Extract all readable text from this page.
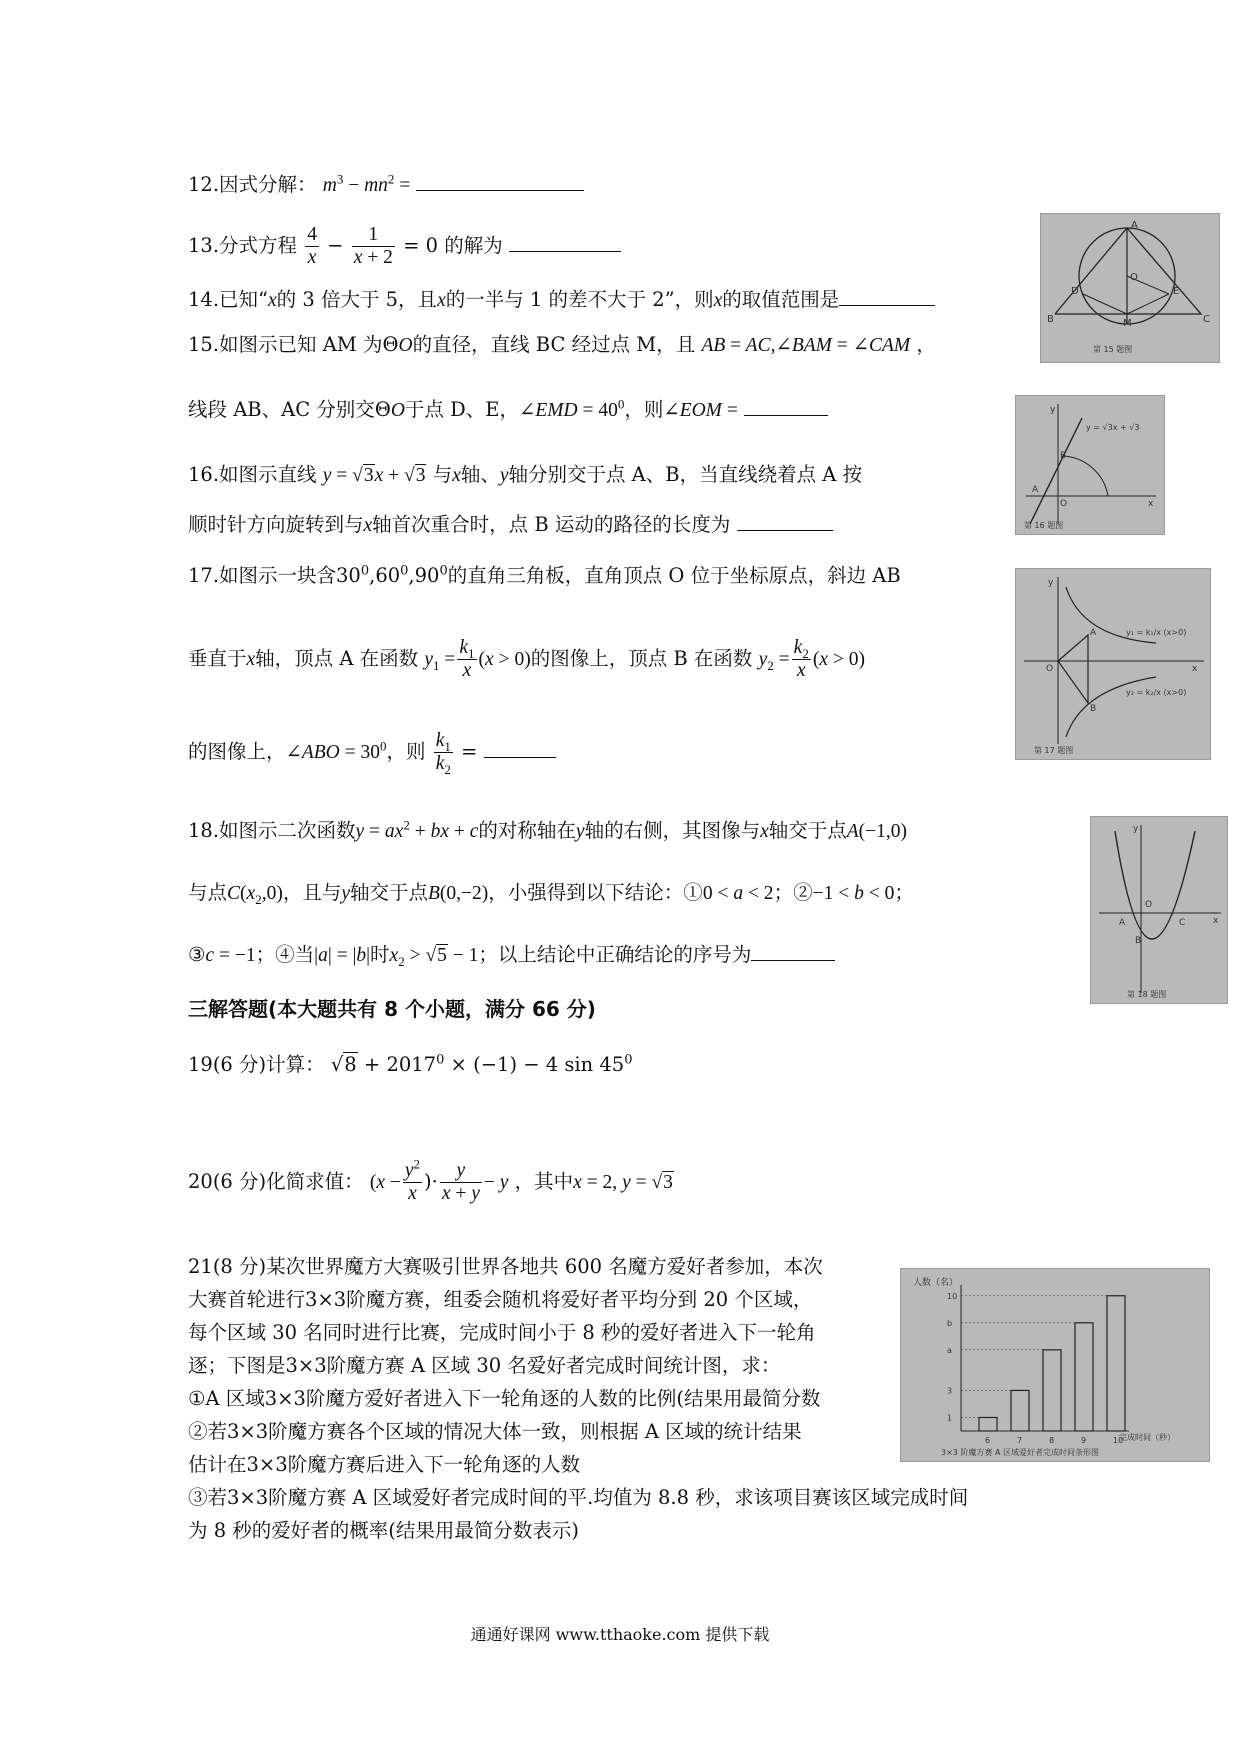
12.因式分解： $m^3 - mn^2$ =
13.分式方程 $\frac{4}{x} - \frac{1}{x + 2} = 0$ 的解为
14.已知“x的 3 倍大于 5，且x的一半与 1 的差不大于 2”，则x的取值范围是
15.如图示已知 AM 为ΘO的直径，直线 BC 经过点 M，且 AB = AC,∠BAM = ∠CAM ，
线段 AB、AC 分别交ΘO于点 D、E，∠EMD = $40^0$，则∠EOM =
16.如图示直线 y = √3x + √3 与x轴、y轴分别交于点 A、B，当直线绕着点 A 按
顺时针方向旋转到与x轴首次重合时，点 B 运动的路径的长度为
17.如图示一块含$30^0,60^0,90^0$的直角三角板，直角顶点 O 位于坐标原点，斜边 AB
垂直于x轴，顶点 A 在函数 $y_1 = \frac{k_1}{x} (x > 0)$的图像上，顶点 B 在函数 $y_2 = \frac{k_2}{x} (x > 0)$
的图像上，∠ABO = $30^0$，则 $\frac{k_1}{k_2}$ =
18.如图示二次函数$y = ax^2$ + bx + c的对称轴在y轴的右侧，其图像与x轴交于点A(−1,0)
与点$C(x_2,0)$，且与y轴交于点B(0,−2)，小强得到以下结论：①0 < a < 2；②−1 < b < 0；
③c = −1；④当|a| = |b|时$x_2 > √5 - 1$；以上结论中正确结论的序号为
三解答题(本大题共有 8 个小题，满分 66 分)
19(6 分)计算： $√8 + 2017^0 \times (-1) - 4$ $\sin 45^0$
20(6 分)化简求值： ($x - \frac{y^2}{x}$ )· $\frac{y}{x + y} - y$ ，其中x = 2, y = √3
21(8 分)某次世界魔方大赛吸引世界各地共 600 名魔方爱好者参加，本次
大赛首轮进行3×3阶魔方赛，组委会随机将爱好者平均分到 20 个区域，
每个区域 30 名同时进行比赛，完成时间小于 8 秒的爱好者进入下一轮角
逐；下图是3×3阶魔方赛 A 区域 30 名爱好者完成时间统计图，求：
①A 区域3×3阶魔方爱好者进入下一轮角逐的人数的比例(结果用最简分数
②若3×3阶魔方赛各个区域的情况大体一致，则根据 A 区域的统计结果
估计在3×3阶魔方赛后进入下一轮角逐的人数
③若3×3阶魔方赛 A 区域爱好者完成时间的平.均值为 8.8 秒，求该项目赛该区域完成时间
为 8 秒的爱好者的概率(结果用最简分数表示)
A
O
D	E
B	M	C
第 15 题图
y
y = √3x + √3
B
A
O	x
第 16 题图
y
y₁ = k₁/x (x>0)
O	x
A
B
y₂ = k₂/x (x>0)
第 17 题图
y
O
A	C
B
x
第 18 题图
人数（名）
完成时间（秒）
3×3 阶魔方赛 A 区域爱好者完成时间条形图
6
1
7
3
8
a
9
b
10
10
通通好课网 www.tthaoke.com 提供下载
